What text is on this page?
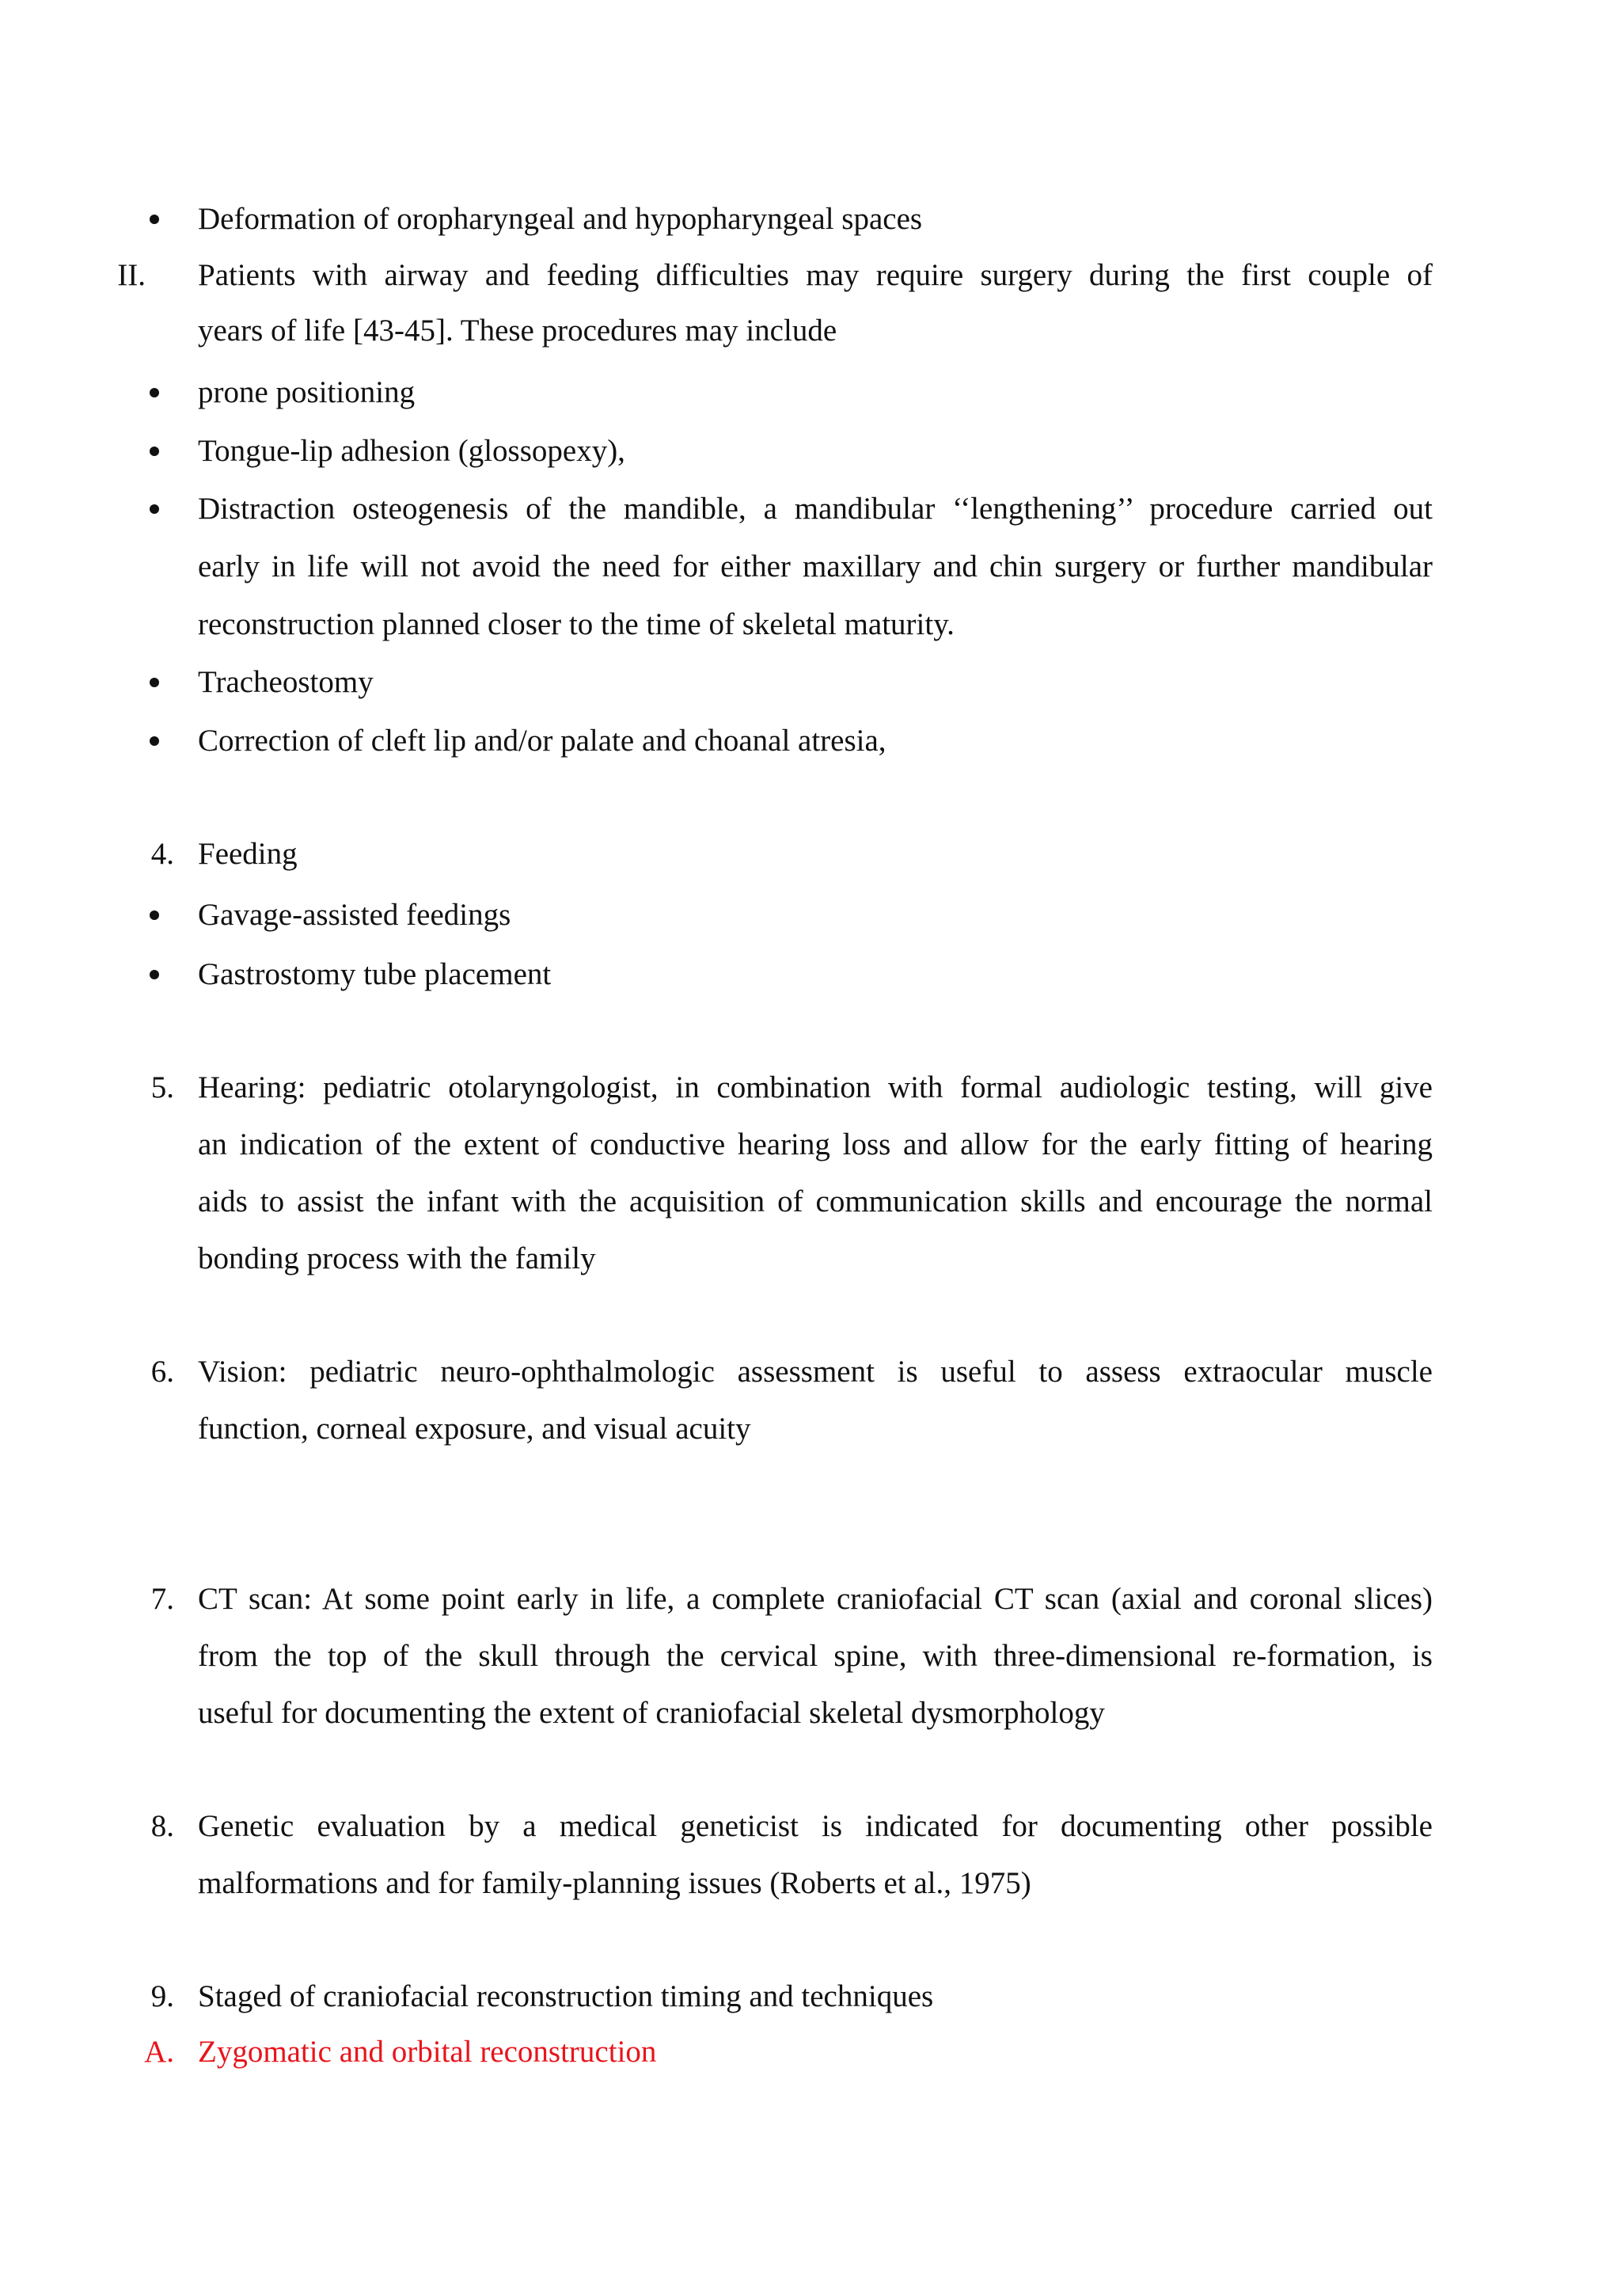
Deformation of oropharyngeal and hypopharyngeal spaces
II. Patients with airway and feeding difficulties may require surgery during the first couple of
years of life [43-45]. These procedures may include
prone positioning
Tongue-lip adhesion (glossopexy),
Distraction osteogenesis of the mandible, a mandibular ‘‘lengthening’’ procedure carried out
early in life will not avoid the need for either maxillary and chin surgery or further mandibular
reconstruction planned closer to the time of skeletal maturity.
Tracheostomy
Correction of cleft lip and/or palate and choanal atresia,
4. Feeding
Gavage-assisted feedings
Gastrostomy tube placement
5. Hearing: pediatric otolaryngologist, in combination with formal audiologic testing, will give
an indication of the extent of conductive hearing loss and allow for the early fitting of hearing
aids to assist the infant with the acquisition of communication skills and encourage the normal
bonding process with the family
6. Vision: pediatric neuro-ophthalmologic assessment is useful to assess extraocular muscle
function, corneal exposure, and visual acuity
7. CT scan: At some point early in life, a complete craniofacial CT scan (axial and coronal slices)
from the top of the skull through the cervical spine, with three-dimensional re-formation, is
useful for documenting the extent of craniofacial skeletal dysmorphology
8. Genetic evaluation by a medical geneticist is indicated for documenting other possible
malformations and for family-planning issues (Roberts et al., 1975)
9. Staged of craniofacial reconstruction timing and techniques
A. Zygomatic and orbital reconstruction
